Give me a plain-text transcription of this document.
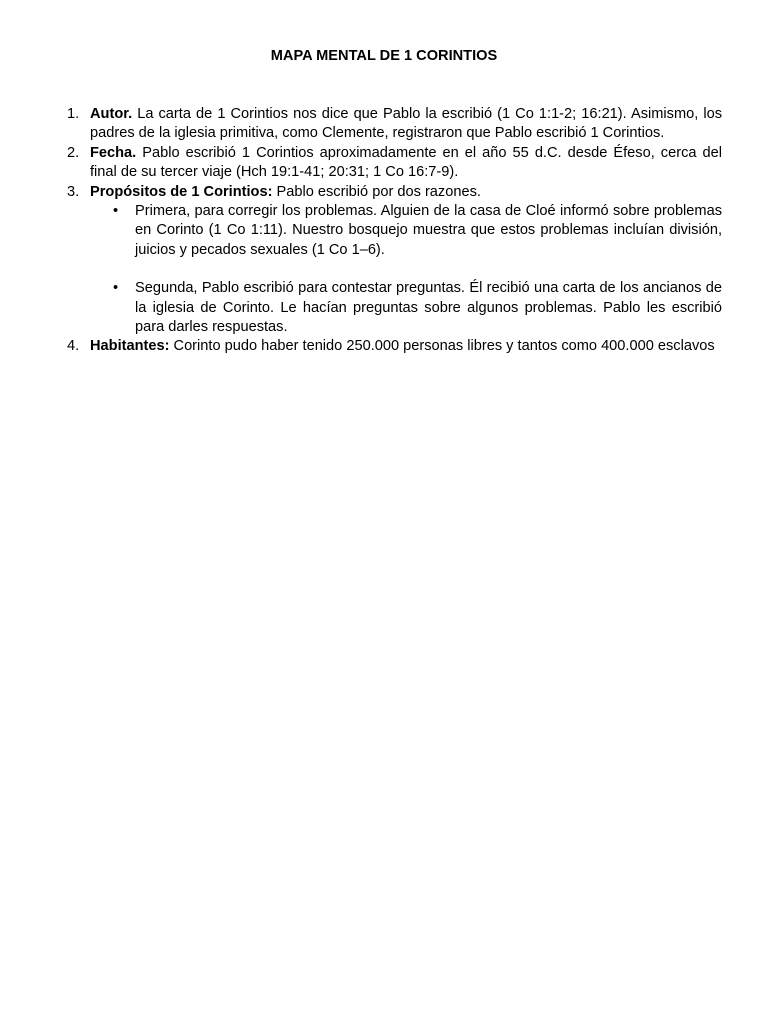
MAPA MENTAL DE 1 CORINTIOS
1. Autor. La carta de 1 Corintios nos dice que Pablo la escribió (1 Co 1:1-2; 16:21). Asimismo, los padres de la iglesia primitiva, como Clemente, registraron que Pablo escribió 1 Corintios.

2. Fecha. Pablo escribió 1 Corintios aproximadamente en el año 55 d.C. desde Éfeso, cerca del final de su tercer viaje (Hch 19:1-41; 20:31; 1 Co 16:7-9).

3. Propósitos de 1 Corintios: Pablo escribió por dos razones.

• Primera, para corregir los problemas. Alguien de la casa de Cloé informó sobre problemas en Corinto (1 Co 1:11). Nuestro bosquejo muestra que estos problemas incluían división, juicios y pecados sexuales (1 Co 1–6).

• Segunda, Pablo escribió para contestar preguntas. Él recibió una carta de los ancianos de la iglesia de Corinto. Le hacían preguntas sobre algunos problemas. Pablo les escribió para darles respuestas.

4. Habitantes: Corinto pudo haber tenido 250.000 personas libres y tantos como 400.000 esclavos
